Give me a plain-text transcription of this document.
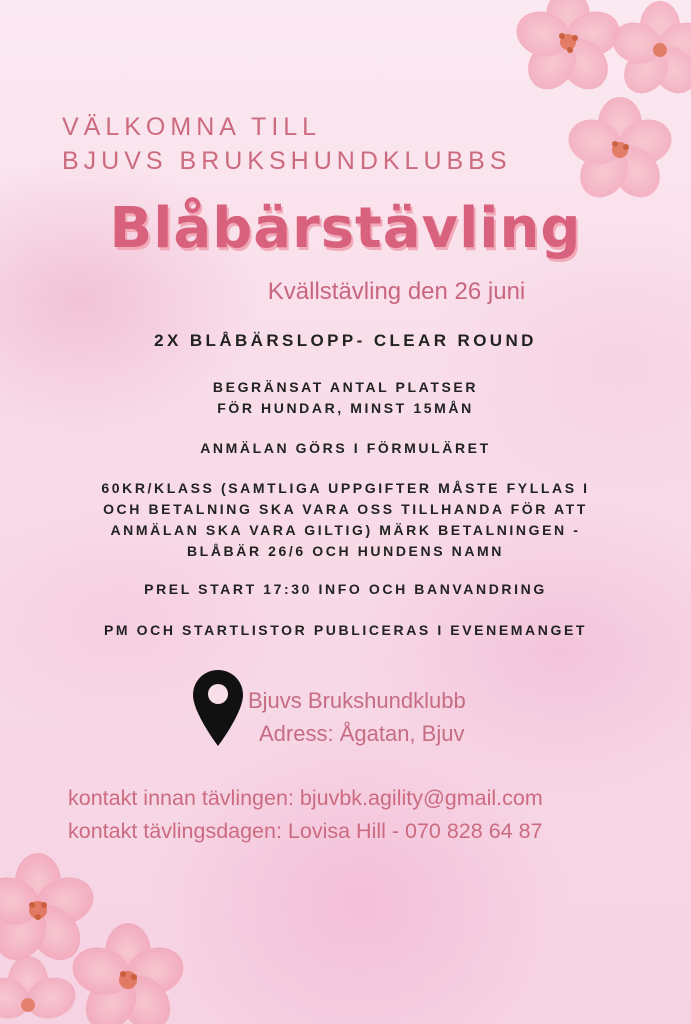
VÄLKOMNA TILL
BJUVS BRUKSHUNDKLUBBS
Blåbärstävling
Kvällstävling den 26 juni

2X BLÅBÄRSLOPP- CLEAR ROUND

BEGRÄNSAT ANTAL PLATSER
FÖR HUNDAR, MINST 15MÅN

ANMÄLAN GÖRS I FÖRMULÄRET

60KR/KLASS (SAMTLIGA UPPGIFTER MÅSTE FYLLAS I
OCH BETALNING SKA VARA OSS TILLHANDA FÖR ATT
ANMÄLAN SKA VARA GILTIG) MÄRK BETALNINGEN -
BLÅBÄR 26/6 OCH HUNDENS NAMN

PREL START 17:30 INFO OCH BANVANDRING

PM OCH STARTLISTOR PUBLICERAS I EVENEMANGET

Bjuvs Brukshundklubb
Adress: Ågatan, Bjuv
kontakt innan tävlingen: bjuvbk.agility@gmail.com
kontakt tävlingsdagen: Lovisa Hill - 070 828 64 87
